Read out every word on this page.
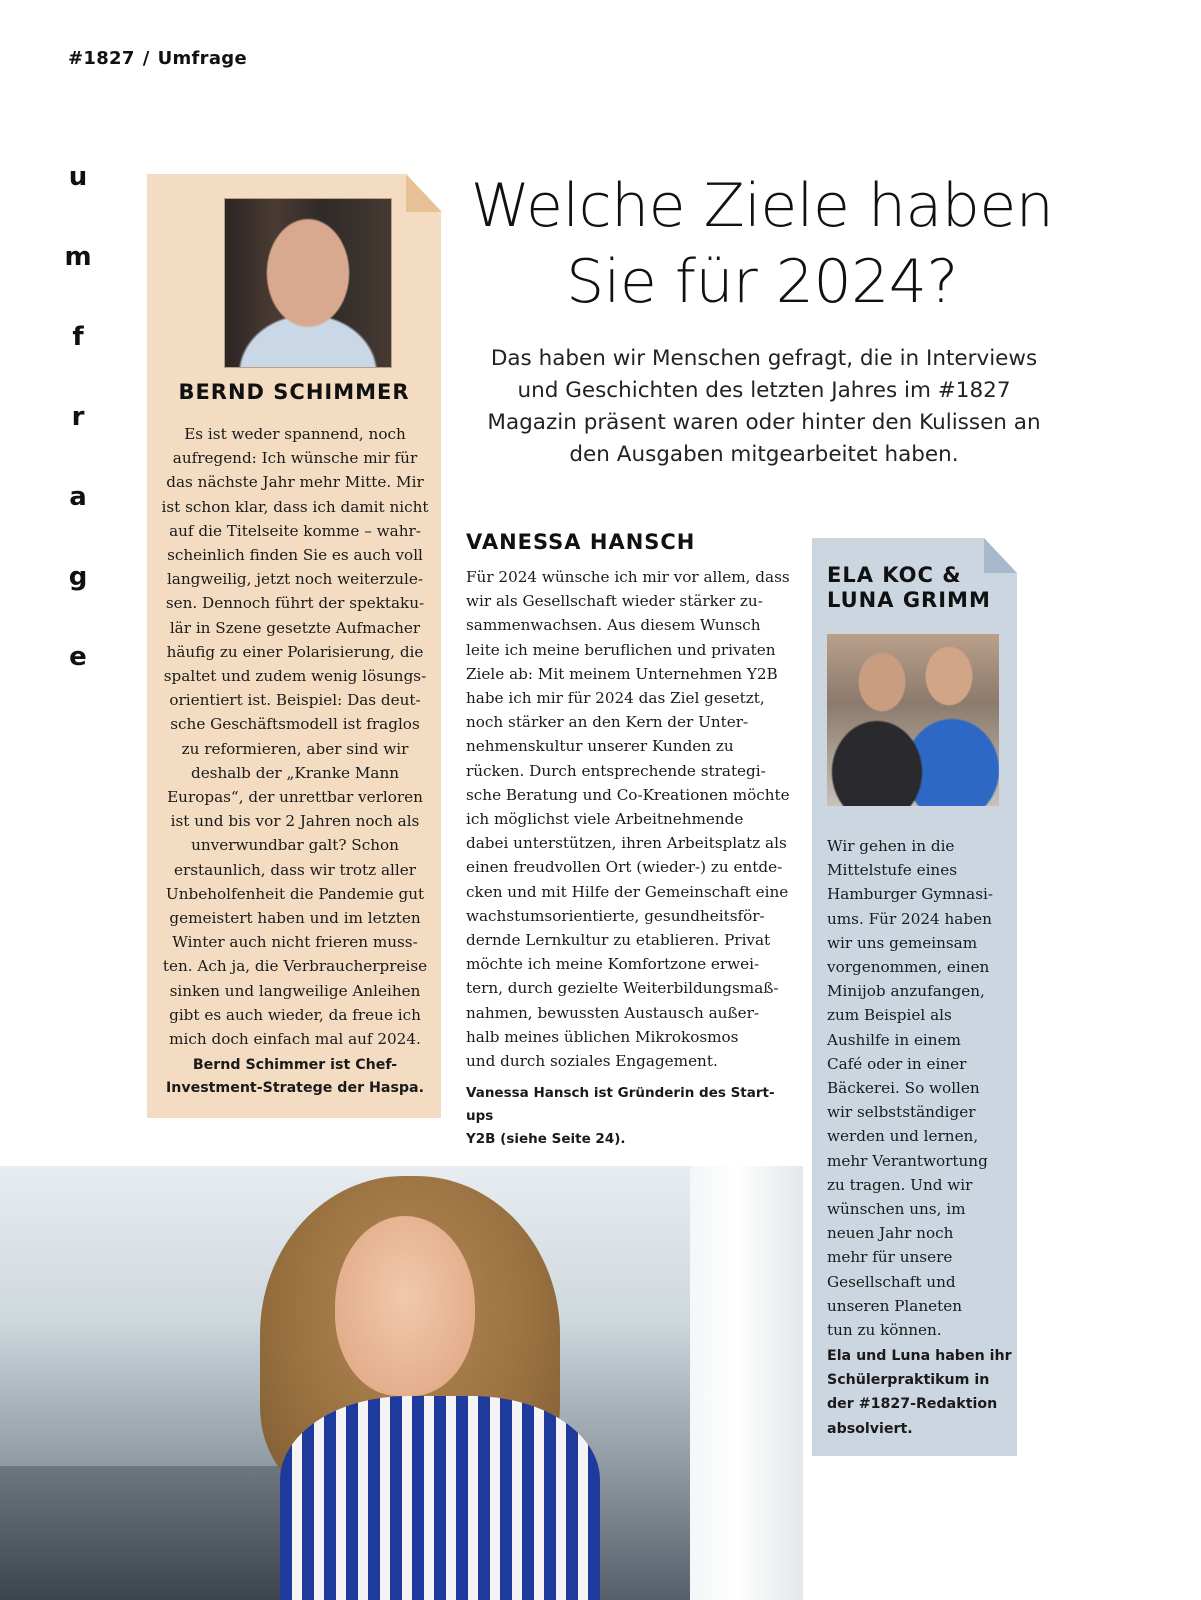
#1827 / Umfrage
u
m
f
r
a
g
e
BERND SCHIMMER
Es ist weder spannend, noch
aufregend: Ich wünsche mir für
das nächste Jahr mehr Mitte. Mir
ist schon klar, dass ich damit nicht
auf die Titelseite komme – wahr-
scheinlich finden Sie es auch voll
langweilig, jetzt noch weiterzule-
sen. Dennoch führt der spektaku-
lär in Szene gesetzte Aufmacher
häufig zu einer Polarisierung, die
spaltet und zudem wenig lösungs-
orientiert ist. Beispiel: Das deut-
sche Geschäftsmodell ist fraglos
zu reformieren, aber sind wir
deshalb der „Kranke Mann
Europas“, der unrettbar verloren
ist und bis vor 2 Jahren noch als
unverwundbar galt? Schon
erstaunlich, dass wir trotz aller
Unbeholfenheit die Pandemie gut
gemeistert haben und im letzten
Winter auch nicht frieren muss-
ten. Ach ja, die Verbraucherpreise
sinken und langweilige Anleihen
gibt es auch wieder, da freue ich
mich doch einfach mal auf 2024.
Bernd Schimmer ist Chef-
Investment-Stratege der Haspa.
Welche Ziele haben
Sie für 2024?
Das haben wir Menschen gefragt, die in Interviews
und Geschichten des letzten Jahres im #1827
Magazin präsent waren oder hinter den Kulissen an
den Ausgaben mitgearbeitet haben.
VANESSA HANSCH
Für 2024 wünsche ich mir vor allem, dass
wir als Gesellschaft wieder stärker zu-
sammenwachsen. Aus diesem Wunsch
leite ich meine beruflichen und privaten
Ziele ab: Mit meinem Unternehmen Y2B
habe ich mir für 2024 das Ziel gesetzt,
noch stärker an den Kern der Unter-
nehmenskultur unserer Kunden zu
rücken. Durch entsprechende strategi-
sche Beratung und Co-Kreationen möchte
ich möglichst viele Arbeitnehmende
dabei unterstützen, ihren Arbeitsplatz als
einen freudvollen Ort (wieder-) zu entde-
cken und mit Hilfe der Gemeinschaft eine
wachstumsorientierte, gesundheitsför-
dernde Lernkultur zu etablieren. Privat
möchte ich meine Komfortzone erwei-
tern, durch gezielte Weiterbildungsmaß-
nahmen, bewussten Austausch außer-
halb meines üblichen Mikrokosmos
und durch soziales Engagement.
Vanessa Hansch ist Gründerin des Start-ups
Y2B (siehe Seite 24).
ELA KOC &
LUNA GRIMM
Wir gehen in die
Mittelstufe eines
Hamburger Gymnasi-
ums. Für 2024 haben
wir uns gemeinsam
vorgenommen, einen
Minijob anzufangen,
zum Beispiel als
Aushilfe in einem
Café oder in einer
Bäckerei. So wollen
wir selbstständiger
werden und lernen,
mehr Verantwortung
zu tragen. Und wir
wünschen uns, im
neuen Jahr noch
mehr für unsere
Gesellschaft und
unseren Planeten
tun zu können.
Ela und Luna haben ihr
Schülerpraktikum in
der #1827-Redaktion
absolviert.
